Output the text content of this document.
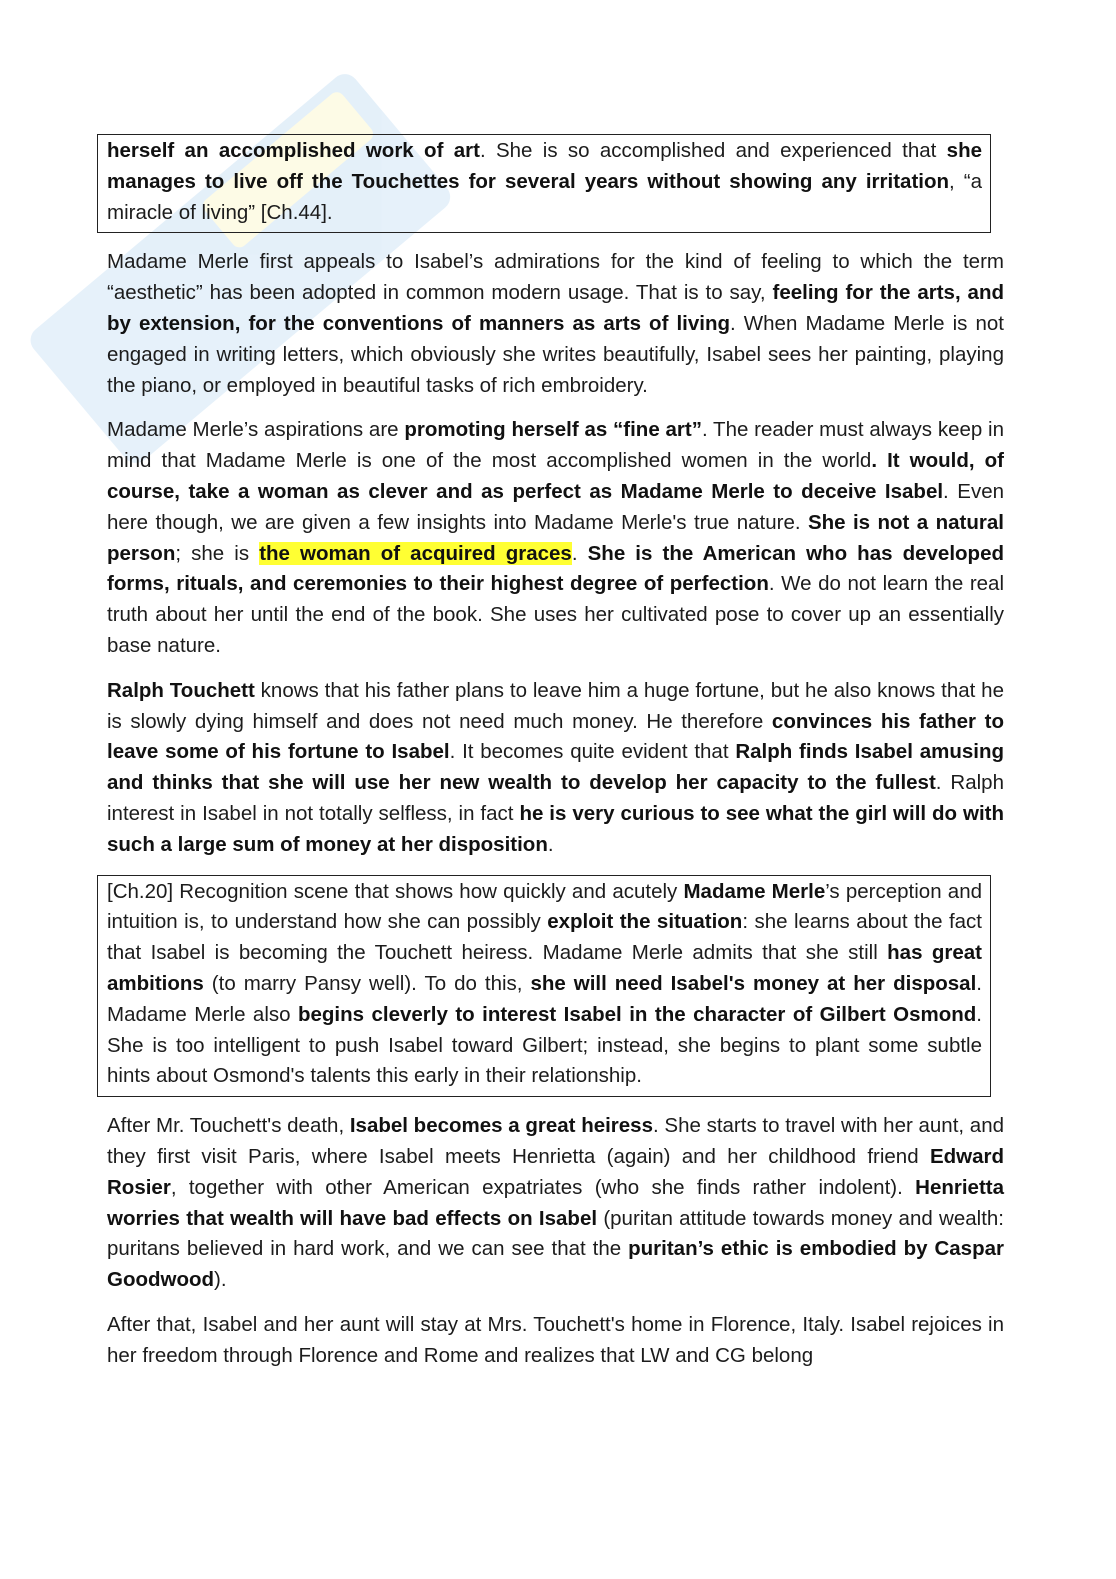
herself an accomplished work of art. She is so accomplished and experienced that she manages to live off the Touchettes for several years without showing any irritation, “a miracle of living” [Ch.44].

Madame Merle first appeals to Isabel’s admirations for the kind of feeling to which the term “aesthetic” has been adopted in common modern usage. That is to say, feeling for the arts, and by extension, for the conventions of manners as arts of living. When Madame Merle is not engaged in writing letters, which obviously she writes beautifully, Isabel sees her painting, playing the piano, or employed in beautiful tasks of rich embroidery.

Madame Merle’s aspirations are promoting herself as “fine art”. The reader must always keep in mind that Madame Merle is one of the most accomplished women in the world. It would, of course, take a woman as clever and as perfect as Madame Merle to deceive Isabel. Even here though, we are given a few insights into Madame Merle's true nature. She is not a natural person; she is the woman of acquired graces. She is the American who has developed forms, rituals, and ceremonies to their highest degree of perfection. We do not learn the real truth about her until the end of the book. She uses her cultivated pose to cover up an essentially base nature.

Ralph Touchett knows that his father plans to leave him a huge fortune, but he also knows that he is slowly dying himself and does not need much money. He therefore convinces his father to leave some of his fortune to Isabel. It becomes quite evident that Ralph finds Isabel amusing and thinks that she will use her new wealth to develop her capacity to the fullest. Ralph interest in Isabel in not totally selfless, in fact he is very curious to see what the girl will do with such a large sum of money at her disposition.

[Ch.20] Recognition scene that shows how quickly and acutely Madame Merle’s perception and intuition is, to understand how she can possibly exploit the situation: she learns about the fact that Isabel is becoming the Touchett heiress. Madame Merle admits that she still has great ambitions (to marry Pansy well). To do this, she will need Isabel's money at her disposal. Madame Merle also begins cleverly to interest Isabel in the character of Gilbert Osmond. She is too intelligent to push Isabel toward Gilbert; instead, she begins to plant some subtle hints about Osmond's talents this early in their relationship.

After Mr. Touchett's death, Isabel becomes a great heiress. She starts to travel with her aunt, and they first visit Paris, where Isabel meets Henrietta (again) and her childhood friend Edward Rosier, together with other American expatriates (who she finds rather indolent). Henrietta worries that wealth will have bad effects on Isabel (puritan attitude towards money and wealth: puritans believed in hard work, and we can see that the puritan’s ethic is embodied by Caspar Goodwood).

After that, Isabel and her aunt will stay at Mrs. Touchett's home in Florence, Italy. Isabel rejoices in her freedom through Florence and Rome and realizes that LW and CG belong
